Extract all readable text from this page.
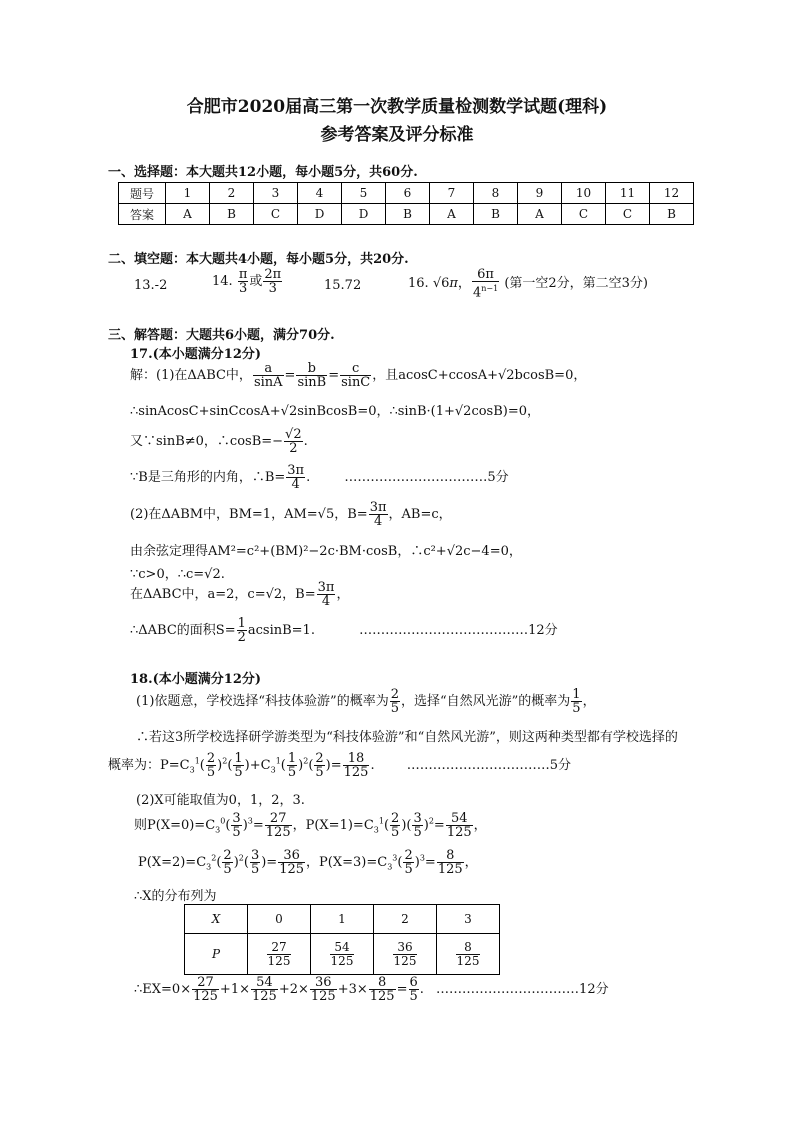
合肥市2020届高三第一次教学质量检测数学试题(理科)
参考答案及评分标准
一、选择题：本大题共12小题，每小题5分，共60分.
题号	1	2	3	4	5	6	7	8	9	10	11	12
答案	A	B	C	D	D	B	A	B	A	C	C	B
二、填空题：本大题共4小题，每小题5分，共20分.
13.-2	14. $\frac{\pi}{3}$ 或 $\frac{2\pi}{3}$	15.72	16. √6π， $\frac{6\pi}{4^{n-1}}$ (第一空2分，第二空3分)
三、解答题：大题共6小题，满分70分.
17.(本小题满分12分)
解：(1)在ΔABC中， $\frac{a}{\sin A} = \frac{b}{\sin B} = \frac{c}{\sin C}$ ，且acosC+ccosA+√2bcosB=0，
∴sinAcosC+sinCcosA+√2sinBcosB=0，∴sinB·(1+√2cosB)=0，
又∵sinB≠0，∴cosB=− $\frac{√2}{2}$ .
∵B是三角形的内角，∴B= $\frac{3\pi}{4}$ . ……………………………5分
(2)在ΔABM中，BM=1，AM=√5，$B= \frac{3\pi}{4}$ ，AB=c，
由余弦定理得AM²=c²+(BM)²−2c·BM·cosB，∴c²+√2c−4=0，
∵c>0，∴c=√2.
在ΔABC中，a=2，c=√2，$B= \frac{3\pi}{4}$ ，
∴ΔABC的面积$S= \frac{1}{2} acsinB=1$.	…………………………………12分
18.(本小题满分12分)
(1)依题意，学校选择“科技体验游”的概率为 $\frac{2}{5}$ ，选择“自然风光游”的概率为 $\frac{1}{5}$ ，
∴若这3所学校选择研学游类型为“科技体验游”和“自然风光游”，则这两种类型都有学校选择的
概率为：$P=C_3^1( \frac{2}{5} )^2( \frac{1}{5} )+C_3^1( \frac{1}{5} )^2( \frac{2}{5}$ )= $\frac{18}{125}$ . ……………………………5分
(2)X可能取值为0，1，2，3.
则$P(X=0)=C_3^0( \frac{3}{5} )^3= \frac{27}{125}$ ，$P(X=1)=C_3^1( \frac{2}{5}$ )( $\frac{3}{5} )^2= \frac{54}{125}$ ，
$P(X=2)=C_3^2( \frac{2}{5} )^2( \frac{3}{5}$ )= $\frac{36}{125}$ ，$P(X=3)=C_3^3( \frac{2}{5} )^3= \frac{8}{125}$ ，
∴X的分布列为
X	0	1	2	3
P	$\frac{27}{125}$	$\frac{54}{125}$	$\frac{36}{125}$	$\frac{8}{125}$
∴EX=0× $\frac{27}{125} +1\times \frac{54}{125} +2\times \frac{36}{125} +3\times \frac{8}{125} = \frac{6}{5}$ . ……………………………12分
